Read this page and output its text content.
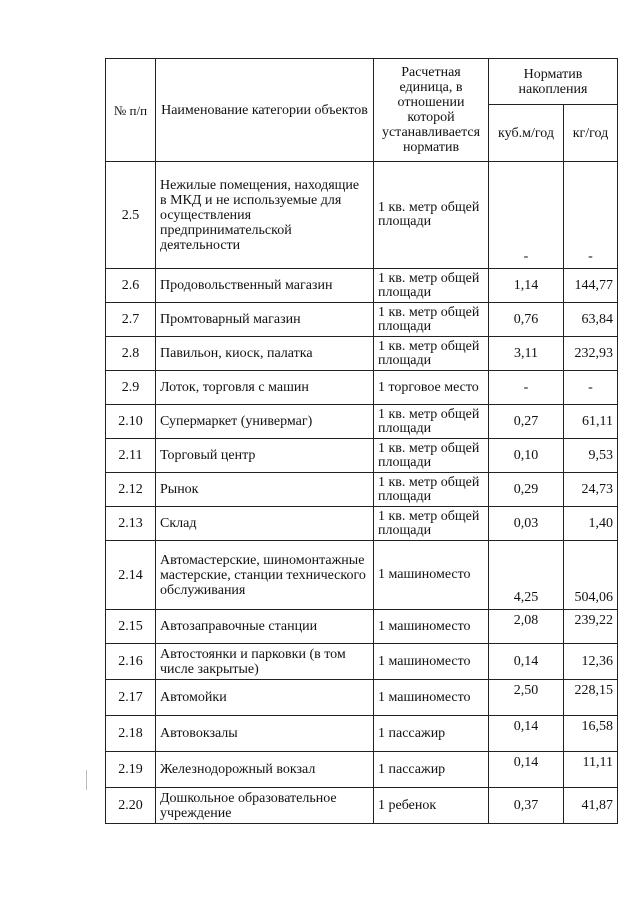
№ п/п	Наименование категории объектов	Расчетная единица, в отношении которой устанавливается норматив	Норматив накопления	
			куб.м/год	кг/год
2.5	Нежилые помещения, находящие в МКД и не используемые для осуществления предпринимательской деятельности	1 кв. метр общей площади	-	-
2.6	Продовольственный магазин	1 кв. метр общей площади	1,14	144,77
2.7	Промтоварный магазин	1 кв. метр общей площади	0,76	63,84
2.8	Павильон, киоск, палатка	1 кв. метр общей площади	3,11	232,93
2.9	Лоток, торговля с машин	1 торговое место	-	-
2.10	Супермаркет (универмаг)	1 кв. метр общей площади	0,27	61,11
2.11	Торговый центр	1 кв. метр общей площади	0,10	9,53
2.12	Рынок	1 кв. метр общей площади	0,29	24,73
2.13	Склад	1 кв. метр общей площади	0,03	1,40
2.14	Автомастерские, шиномонтажные мастерские, станции технического обслуживания	1 машиноместо	4,25	504,06
2.15	Автозаправочные станции	1 машиноместо	2,08	239,22
2.16	Автостоянки и парковки (в том числе закрытые)	1 машиноместо	0,14	12,36
2.17	Автомойки	1 машиноместо	2,50	228,15
2.18	Автовокзалы	1 пассажир	0,14	16,58
2.19	Железнодорожный вокзал	1 пассажир	0,14	11,11
2.20	Дошкольное образовательное учреждение	1 ребенок	0,37	41,87
